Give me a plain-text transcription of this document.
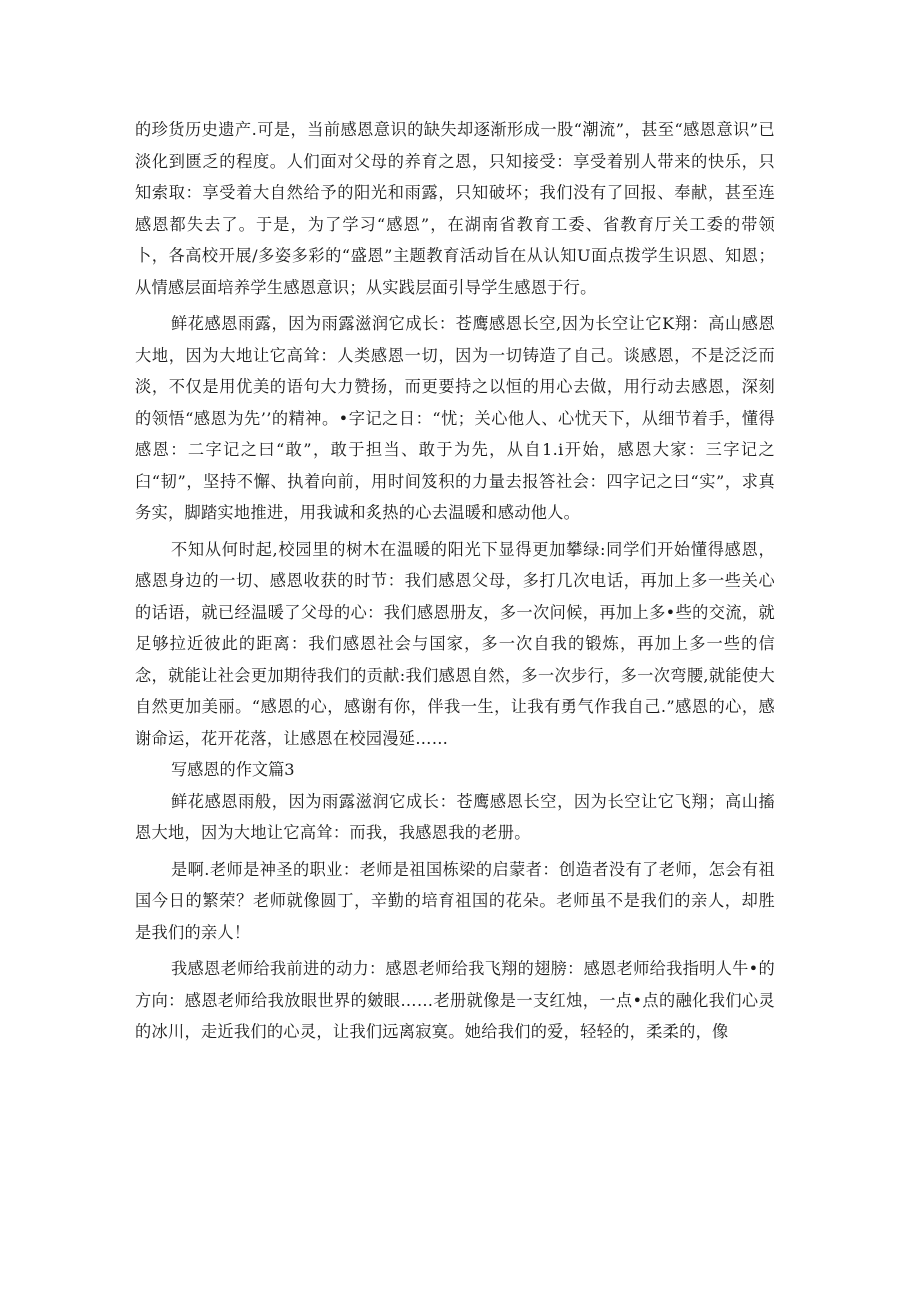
的珍货历史遗产.可是，当前感恩意识的缺失却逐渐形成一股“潮流”，甚至“感恩意识”已淡化到匮乏的程度。人们面对父母的养育之恩，只知接受：享受着别人带来的快乐，只知索取：享受着大自然给予的阳光和雨露，只知破坏；我们没有了回报、奉献，甚至连感恩都失去了。于是，为了学习“感恩”，在湖南省教育工委、省教育厅关工委的带领卜，各高校开展/多姿多彩的“盛恩”主题教育活动旨在从认知U面点拨学生识恩、知恩；从情感层面培养学生感恩意识；从实践层面引导学生感恩于行。

鲜花感恩雨露，因为雨露滋润它成长：苍鹰感恩长空,因为长空让它K翔：高山感恩大地，因为大地让它高耸：人类感恩一切，因为一切铸造了自己。谈感恩，不是泛泛而淡，不仅是用优美的语句大力赞扬，而更要持之以恒的用心去做，用行动去感恩，深刻的领悟“感恩为先’’的精神。•字记之日：“忧；关心他人、心忧天下，从细节着手，懂得感恩：二字记之曰“敢”，敢于担当、敢于为先，从自1.i开始，感恩大家：三字记之臼“韧”，坚持不懈、执着向前，用时间笈积的力量去报答社会：四字记之曰“实”，求真务实，脚踏实地推进，用我诚和炙热的心去温暖和感动他人。

不知从何时起,校园里的树木在温暖的阳光下显得更加攀绿:同学们开始懂得感恩，感恩身边的一切、感恩收获的时节：我们感恩父母，多打几次电话，再加上多一些关心的话语，就已经温暖了父母的心：我们感恩册友，多一次问候，再加上多•些的交流，就足够拉近彼此的距离：我们感恩社会与国家，多一次自我的锻炼，再加上多一些的信念，就能让社会更加期待我们的贡献:我们感恩自然，多一次步行，多一次弯腰,就能使大自然更加美丽。“感恩的心，感谢有你，伴我一生，让我有勇气作我自己.”感恩的心，感谢命运，花开花落，让感恩在校园漫延……

写感恩的作文篇3

鲜花感恩雨般，因为雨露滋润它成长：苍鹰感恩长空，因为长空让它飞翔；高山搐恩大地，因为大地让它高耸：而我，我感恩我的老册。

是啊.老师是神圣的职业：老师是祖国栋梁的启蒙者：创造者没有了老师，怎会有祖国今日的繁荣？老师就像圆丁，辛勤的培育祖国的花朵。老师虽不是我们的亲人，却胜是我们的亲人！

我感恩老师给我前进的动力：感恩老师给我飞翔的翅膀：感恩老师给我指明人牛•的方向：感恩老师给我放眼世界的皴眼……老册就像是一支红烛，一点•点的融化我们心灵的冰川，走近我们的心灵，让我们远离寂寞。她给我们的爱，轻轻的，柔柔的，像
